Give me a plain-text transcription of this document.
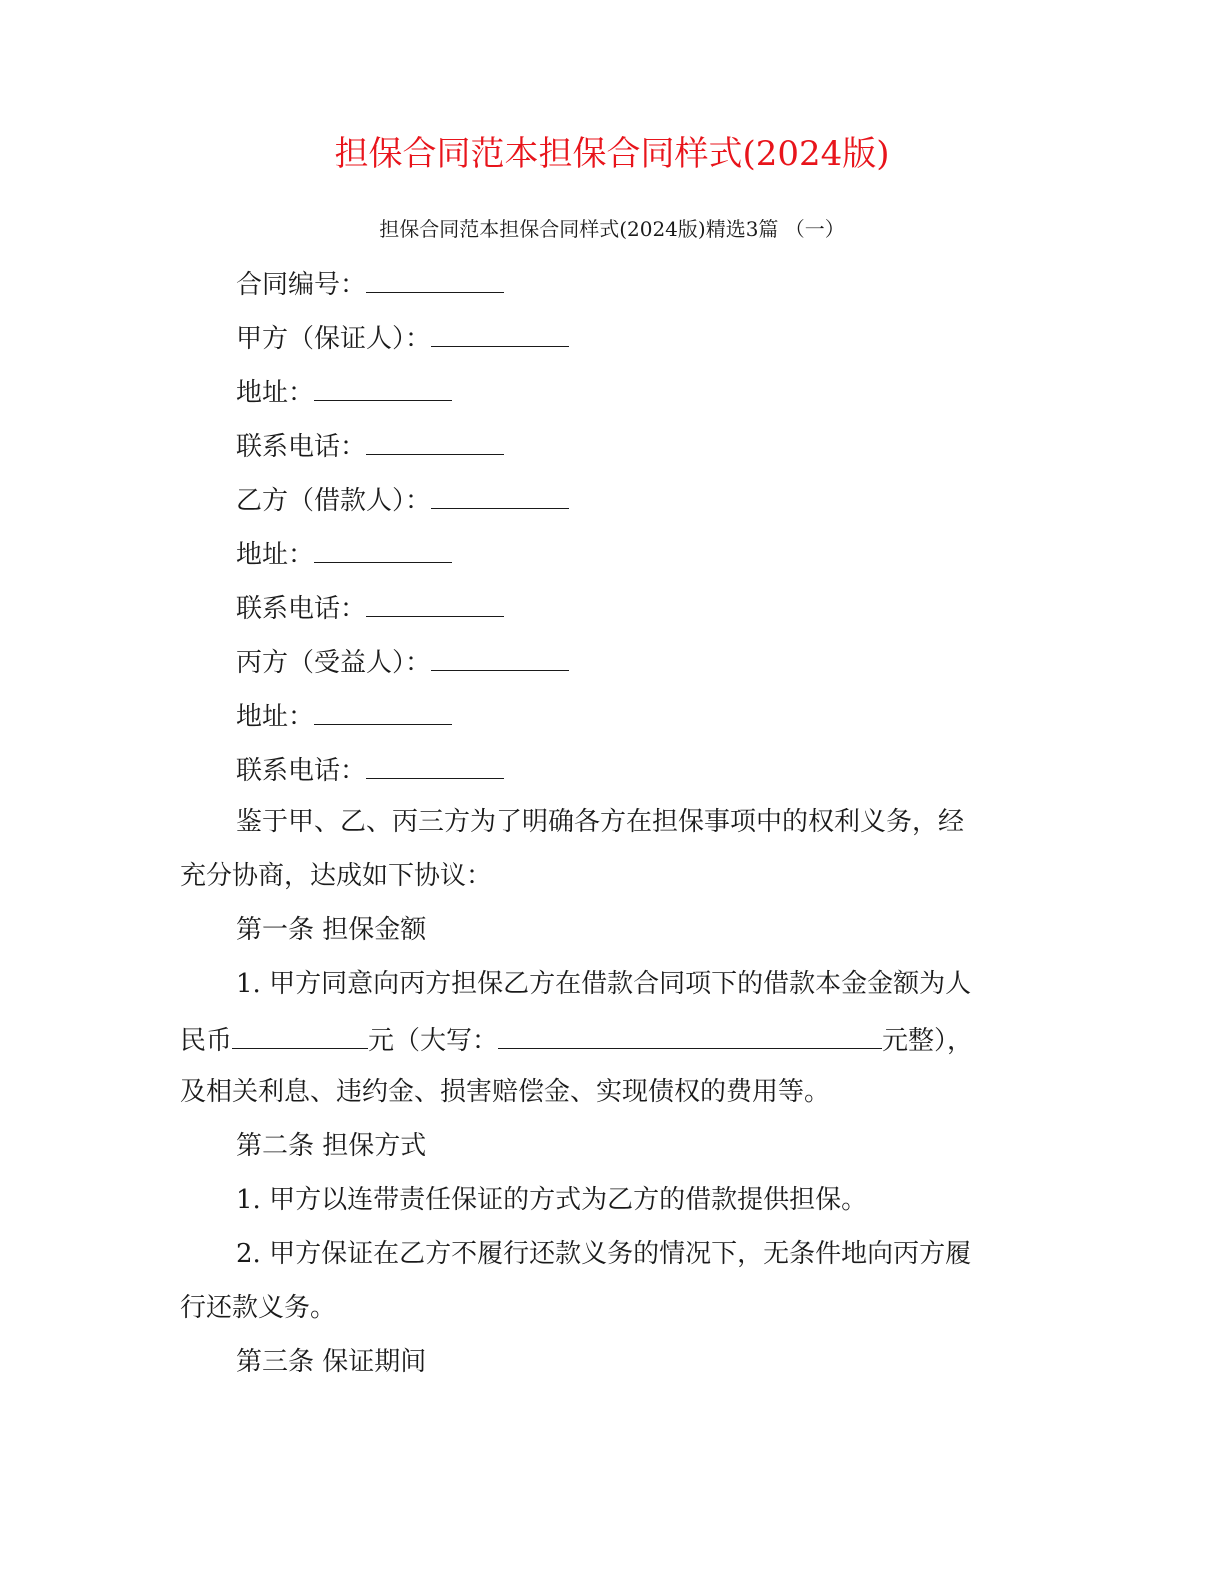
担保合同范本担保合同样式(2024版)
担保合同范本担保合同样式(2024版)精选3篇 （一）
合同编号：
甲方（保证人）：
地址：
联系电话：
乙方（借款人）：
地址：
联系电话：
丙方（受益人）：
地址：
联系电话：
鉴于甲、乙、丙三方为了明确各方在担保事项中的权利义务，经
充分协商，达成如下协议：
第一条 担保金额
1. 甲方同意向丙方担保乙方在借款合同项下的借款本金金额为人
民币	元（大写：	元整），
及相关利息、违约金、损害赔偿金、实现债权的费用等。
第二条 担保方式
1. 甲方以连带责任保证的方式为乙方的借款提供担保。
2. 甲方保证在乙方不履行还款义务的情况下，无条件地向丙方履
行还款义务。
第三条 保证期间
